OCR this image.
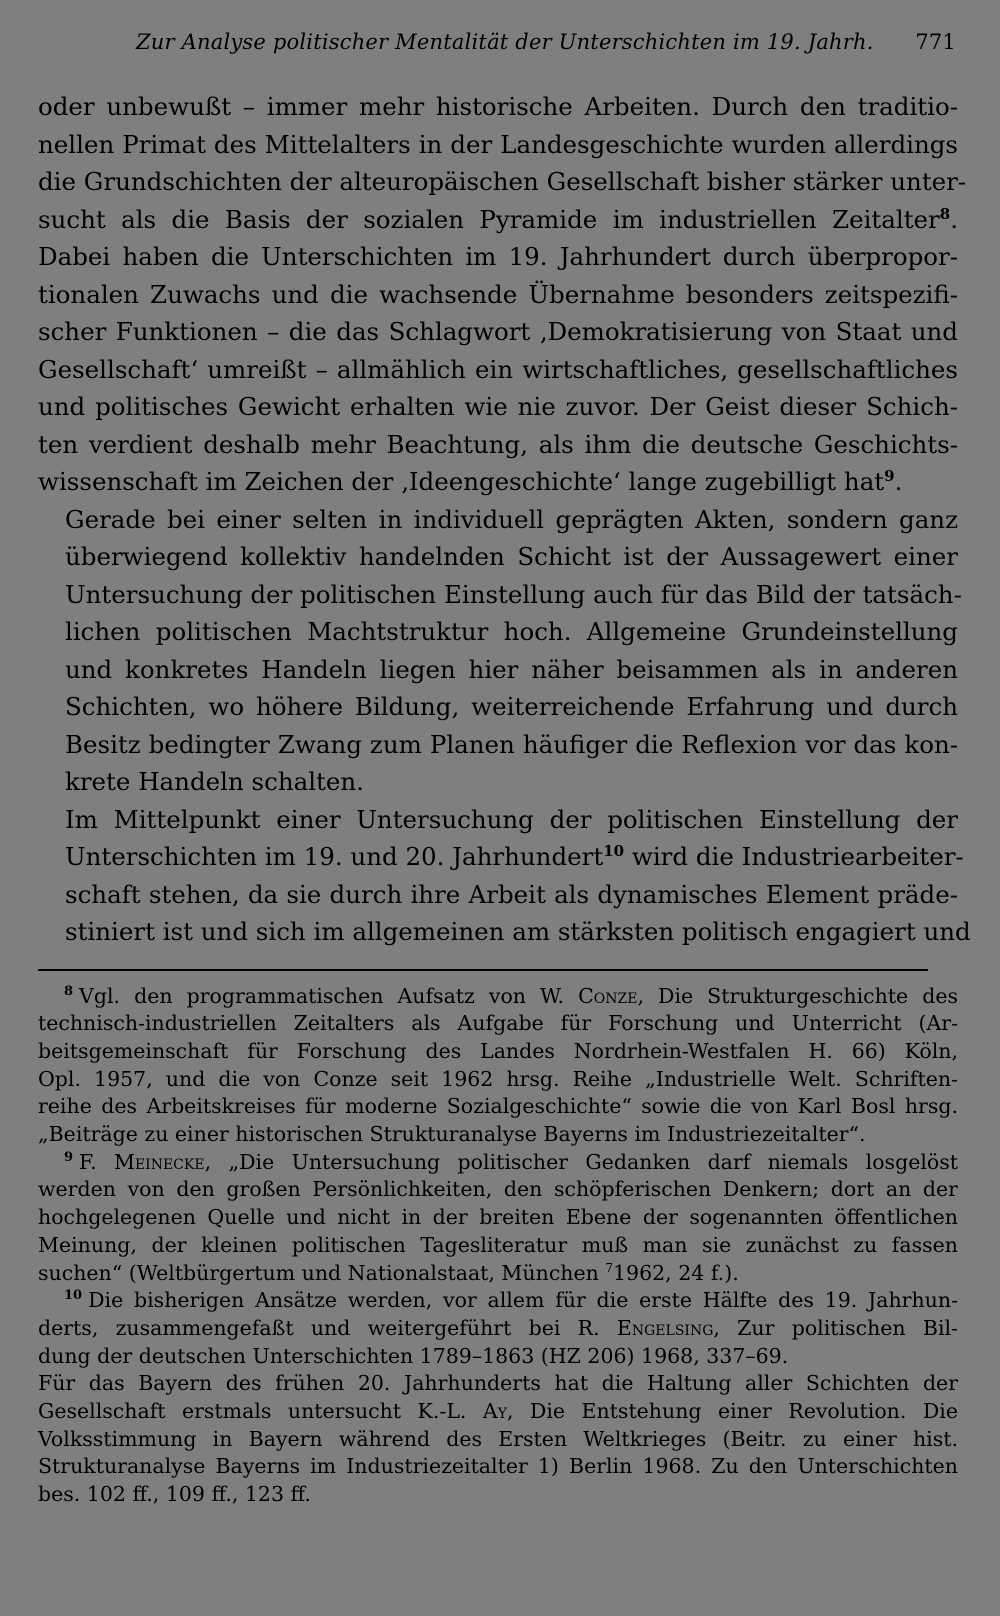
Zur Analyse politischer Mentalität der Unterschichten im 19. Jahrh. 771

oder unbewußt – immer mehr historische Arbeiten. Durch den traditio-
nellen Primat des Mittelalters in der Landesgeschichte wurden allerdings
die Grundschichten der alteuropäischen Gesellschaft bisher stärker unter-
sucht als die Basis der sozialen Pyramide im industriellen Zeitalter$^8$.
Dabei haben die Unterschichten im 19. Jahrhundert durch überpropor-
tionalen Zuwachs und die wachsende Übernahme besonders zeitspezifi-
scher Funktionen – die das Schlagwort ‚Demokratisierung von Staat und
Gesellschaft‘ umreißt – allmählich ein wirtschaftliches, gesellschaftliches
und politisches Gewicht erhalten wie nie zuvor. Der Geist dieser Schich-
ten verdient deshalb mehr Beachtung, als ihm die deutsche Geschichts-
wissenschaft im Zeichen der ‚Ideengeschichte‘ lange zugebilligt hat$^9$.

Gerade bei einer selten in individuell geprägten Akten, sondern ganz
überwiegend kollektiv handelnden Schicht ist der Aussagewert einer
Untersuchung der politischen Einstellung auch für das Bild der tatsäch-
lichen politischen Machtstruktur hoch. Allgemeine Grundeinstellung
und konkretes Handeln liegen hier näher beisammen als in anderen
Schichten, wo höhere Bildung, weiterreichende Erfahrung und durch
Besitz bedingter Zwang zum Planen häufiger die Reflexion vor das kon-
krete Handeln schalten.

Im Mittelpunkt einer Untersuchung der politischen Einstellung der
Unterschichten im 19. und 20. Jahrhundert$^{10}$ wird die Industriearbeiter-
schaft stehen, da sie durch ihre Arbeit als dynamisches Element präde-
stiniert ist und sich im allgemeinen am stärksten politisch engagiert und

$^8$ Vgl. den programmatischen Aufsatz von W. Conze, Die Strukturgeschichte des
technisch-industriellen Zeitalters als Aufgabe für Forschung und Unterricht (Ar-
beitsgemeinschaft für Forschung des Landes Nordrhein-Westfalen H. 66) Köln,
Opl. 1957, und die von Conze seit 1962 hrsg. Reihe „Industrielle Welt. Schriften-
reihe des Arbeitskreises für moderne Sozialgeschichte“ sowie die von Karl Bosl hrsg.
„Beiträge zu einer historischen Strukturanalyse Bayerns im Industriezeitalter“.
$^9$ F. Meinecke, „Die Untersuchung politischer Gedanken darf niemals losgelöst
werden von den großen Persönlichkeiten, den schöpferischen Denkern; dort an der
hochgelegenen Quelle und nicht in der breiten Ebene der sogenannten öffentlichen
Meinung, der kleinen politischen Tagesliteratur muß man sie zunächst zu fassen
suchen“ (Weltbürgertum und Nationalstaat, München $^7$1962, 24 f.).
$^{10}$ Die bisherigen Ansätze werden, vor allem für die erste Hälfte des 19. Jahrhun-
derts, zusammengefaßt und weitergeführt bei R. Engelsing, Zur politischen Bil-
dung der deutschen Unterschichten 1789–1863 (HZ 206) 1968, 337–69.
Für das Bayern des frühen 20. Jahrhunderts hat die Haltung aller Schichten der
Gesellschaft erstmals untersucht K.-L. Ay, Die Entstehung einer Revolution. Die
Volksstimmung in Bayern während des Ersten Weltkrieges (Beitr. zu einer hist.
Strukturanalyse Bayerns im Industriezeitalter 1) Berlin 1968. Zu den Unterschichten
bes. 102 ff., 109 ff., 123 ff.
